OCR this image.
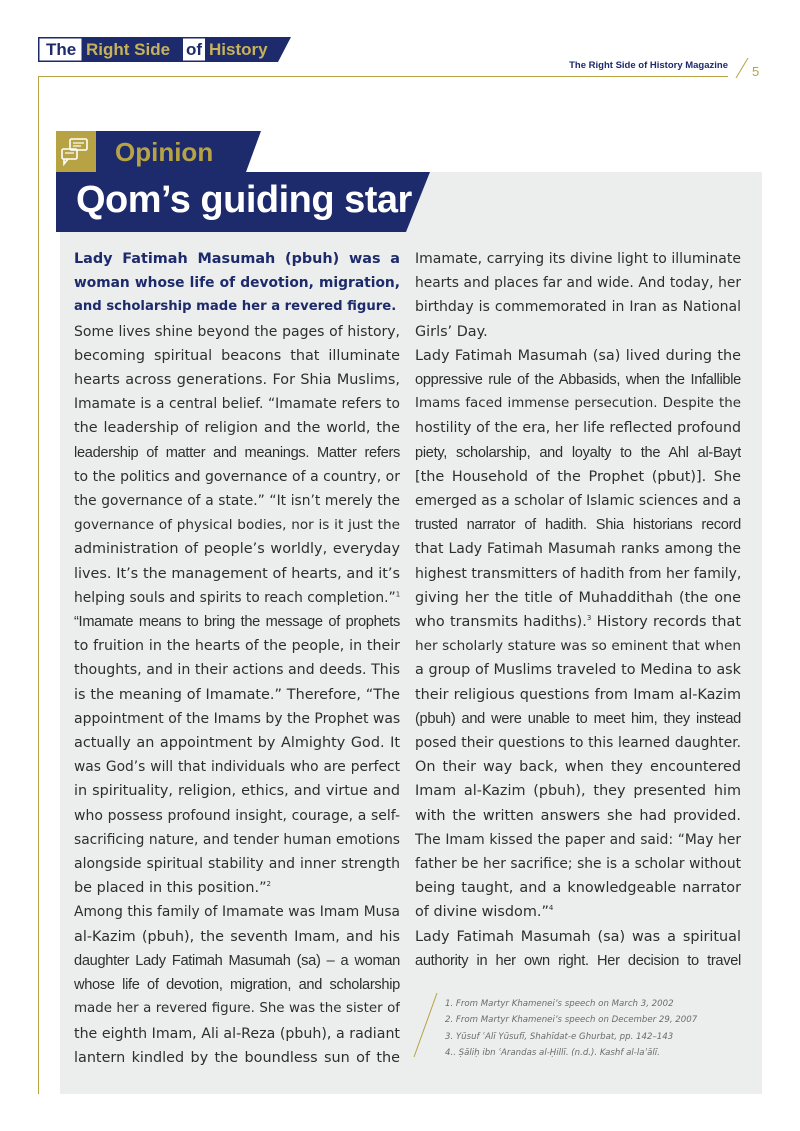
The Right Side of History
The Right Side of History Magazine 5
Opinion
Qom’s guiding star
Lady Fatimah Masumah (pbuh) was a
woman whose life of devotion, migration,
and scholarship made her a revered figure.
Some lives shine beyond the pages of history,
becoming spiritual beacons that illuminate
hearts across generations. For Shia Muslims,
Imamate is a central belief. “Imamate refers to
the leadership of religion and the world, the
leadership of matter and meanings. Matter refers
to the politics and governance of a country, or
the governance of a state.” “It isn’t merely the
governance of physical bodies, nor is it just the
administration of people’s worldly, everyday
lives. It’s the management of hearts, and it’s
helping souls and spirits to reach completion.”$^1$
“Imamate means to bring the message of prophets
to fruition in the hearts of the people, in their
thoughts, and in their actions and deeds. This
is the meaning of Imamate.” Therefore, “The
appointment of the Imams by the Prophet was
actually an appointment by Almighty God. It
was God’s will that individuals who are perfect
in spirituality, religion, ethics, and virtue and
who possess profound insight, courage, a self-
sacrificing nature, and tender human emotions
alongside spiritual stability and inner strength
be placed in this position.”$^2$
Among this family of Imamate was Imam Musa
al-Kazim (pbuh), the seventh Imam, and his
daughter Lady Fatimah Masumah (sa) – a woman
whose life of devotion, migration, and scholarship
made her a revered figure. She was the sister of
the eighth Imam, Ali al-Reza (pbuh), a radiant
lantern kindled by the boundless sun of the
Imamate, carrying its divine light to illuminate
hearts and places far and wide. And today, her
birthday is commemorated in Iran as National
Girls’ Day.
Lady Fatimah Masumah (sa) lived during the
oppressive rule of the Abbasids, when the Infallible
Imams faced immense persecution. Despite the
hostility of the era, her life reflected profound
piety, scholarship, and loyalty to the Ahl al-Bayt
[the Household of the Prophet (pbut)]. She
emerged as a scholar of Islamic sciences and a
trusted narrator of hadith. Shia historians record
that Lady Fatimah Masumah ranks among the
highest transmitters of hadith from her family,
giving her the title of Muhaddithah (the one
who transmits hadiths).$^3$ History records that
her scholarly stature was so eminent that when
a group of Muslims traveled to Medina to ask
their religious questions from Imam al-Kazim
(pbuh) and were unable to meet him, they instead
posed their questions to this learned daughter.
On their way back, when they encountered
Imam al-Kazim (pbuh), they presented him
with the written answers she had provided.
The Imam kissed the paper and said: “May her
father be her sacrifice; she is a scholar without
being taught, and a knowledgeable narrator
of divine wisdom.”$^4$
Lady Fatimah Masumah (sa) was a spiritual
authority in her own right. Her decision to travel
1. From Martyr Khamenei’s speech on March 3, 2002
2. From Martyr Khamenei’s speech on December 29, 2007
3. Yūsuf ʿAlī Yūsufī, Shahīdat-e Ghurbat, pp. 142–143
4.. Ṣāliḥ ibn ʿArandas al-Ḥillī. (n.d.). Kashf al-laʾālī.
